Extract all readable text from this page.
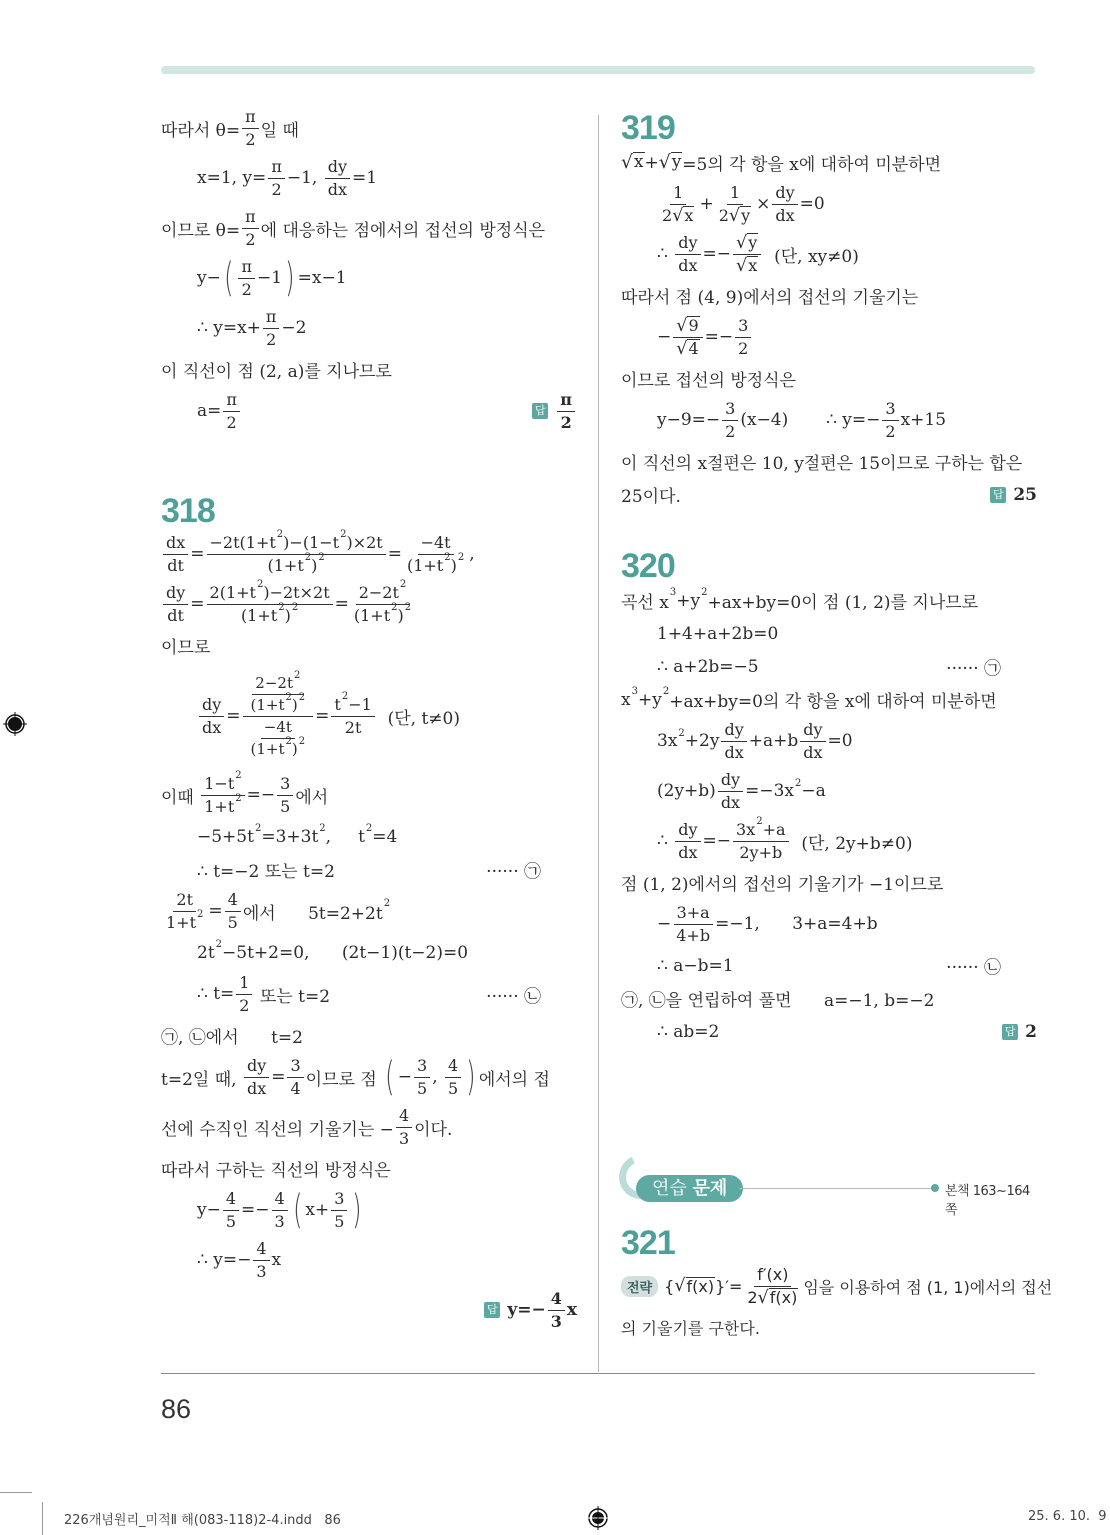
따라서 $\theta= \frac{\pi}{2}$ 일 때
x=1, $y= \frac{\pi}{2} -1$, $\frac{dy}{dx} =1$
이므로 $\theta= \frac{\pi}{2}$ 에 대응하는 점에서의 접선의 방정식은
y− ( $\frac{\pi}{2} -1$ ) =x−1
∴ $y=x+ \frac{\pi}{2} -2$
이 직선이 점 (2, a)를 지나므로
$a= \frac{\pi}{2}$	답 $\frac{\pi}{2}$
318
$\frac{dx}{dt} = \frac{-2t(1+t 2 )-(1-t 2 )\times 2t}{(1+t 2 ) 2} = \frac{-4t}{(1+t 2 ) 2}$ ,
$\frac{dy}{dt} = \frac{2(1+t 2 )-2t\times 2t}{(1+t 2 ) 2} = \frac{2-2t 2}{(1+t 2 ) 2}$
이므로
$\frac{dy}{dx} = \frac{\frac{2-2t 2}{(1+t 2 ) 2}}{\frac{-4t}{(1+t 2 ) 2}} = \frac{t 2 -1}{2t}$ (단, t≠0)
이때 $\frac{1-t 2}{1+t 2} =- \frac{3}{5}$ 에서
−5+5t 2 =3+3t 2 ,     t 2 =4
∴ t=−2 또는 t=2	······ ㉠
$\frac{2t}{1+t 2} = \frac{4}{5}$ 에서      5t=2+2t
2
2t 2 −5t+2=0,      (2t−1)(t−2)=0
∴ $t= \frac{1}{2}$ 또는 t=2	······ ㉡
㉠, ㉡에서      t=2
t=2일 때, $\frac{dy}{dx} = \frac{3}{4}$ 이므로 점 ( − $\frac{3}{5}$ , $\frac{4}{5}$ ) 에서의 접
선에 수직인 직선의 기울기는 − $\frac{4}{3}$ 이다.
따라서 구하는 직선의 방정식은
$y- \frac{4}{5} =- \frac{4}{3}$ ( $x+ \frac{3}{5}$ )
∴ $y=- \frac{4}{3}$ x
답 $y=- \frac{4}{3}$ x
319
√ x + √ y =5의 각 항을 x에 대하여 미분하면
$\frac{1}{2 √ x} + \frac{1}{2 √ y} \times \frac{dy}{dx} =0$
∴ $\frac{dy}{dx} =- \frac{√ y}{√ x}$ (단, xy≠0)
따라서 점 (4, 9)에서의 접선의 기울기는
− $\frac{√ 9}{√ 4} =- \frac{3}{2}$
이므로 접선의 방정식은
$y-9=- \frac{3}{2} (x-4)$       ∴ $y=- \frac{3}{2} x+15$
이 직선의 x절편은 10, y절편은 15이므로 구하는 합은
25이다.	답 25
320
곡선 x
3 +y 2
+ax+by=0이 점 (1, 2)를 지나므로
1+4+a+2b=0
∴ a+2b=−5	······ ㉠
x 3 +y 2
+ax+by=0의 각 항을 x에 대하여 미분하면
3x $2 +2y \frac{dy}{dx} +a+b \frac{dy}{dx} =0$
$(2y+b) \frac{dy}{dx} =-3x$ 2 −a
∴ $\frac{dy}{dx} =- \frac{3x 2 +a}{2y+b}$ (단, 2y+b≠0)
점 (1, 2)에서의 접선의 기울기가 −1이므로
− $\frac{3+a}{4+b} =-1$,      3+a=4+b
∴ a−b=1	······ ㉡
㉠, ㉡을 연립하여 풀면      a=−1, b=−2
∴ ab=2	답 2
연습 문제	본책 163~164쪽
321
전략 { √ f(x) }′= $\frac{f'(x)}{2 √ f(x)}$ 임을 이용하여 점 (1, 1)에서의 접선
의 기울기를 구한다.
86
226개념원리_미적Ⅱ 해(083-118)2-4.indd   86	25. 6. 10.  9
